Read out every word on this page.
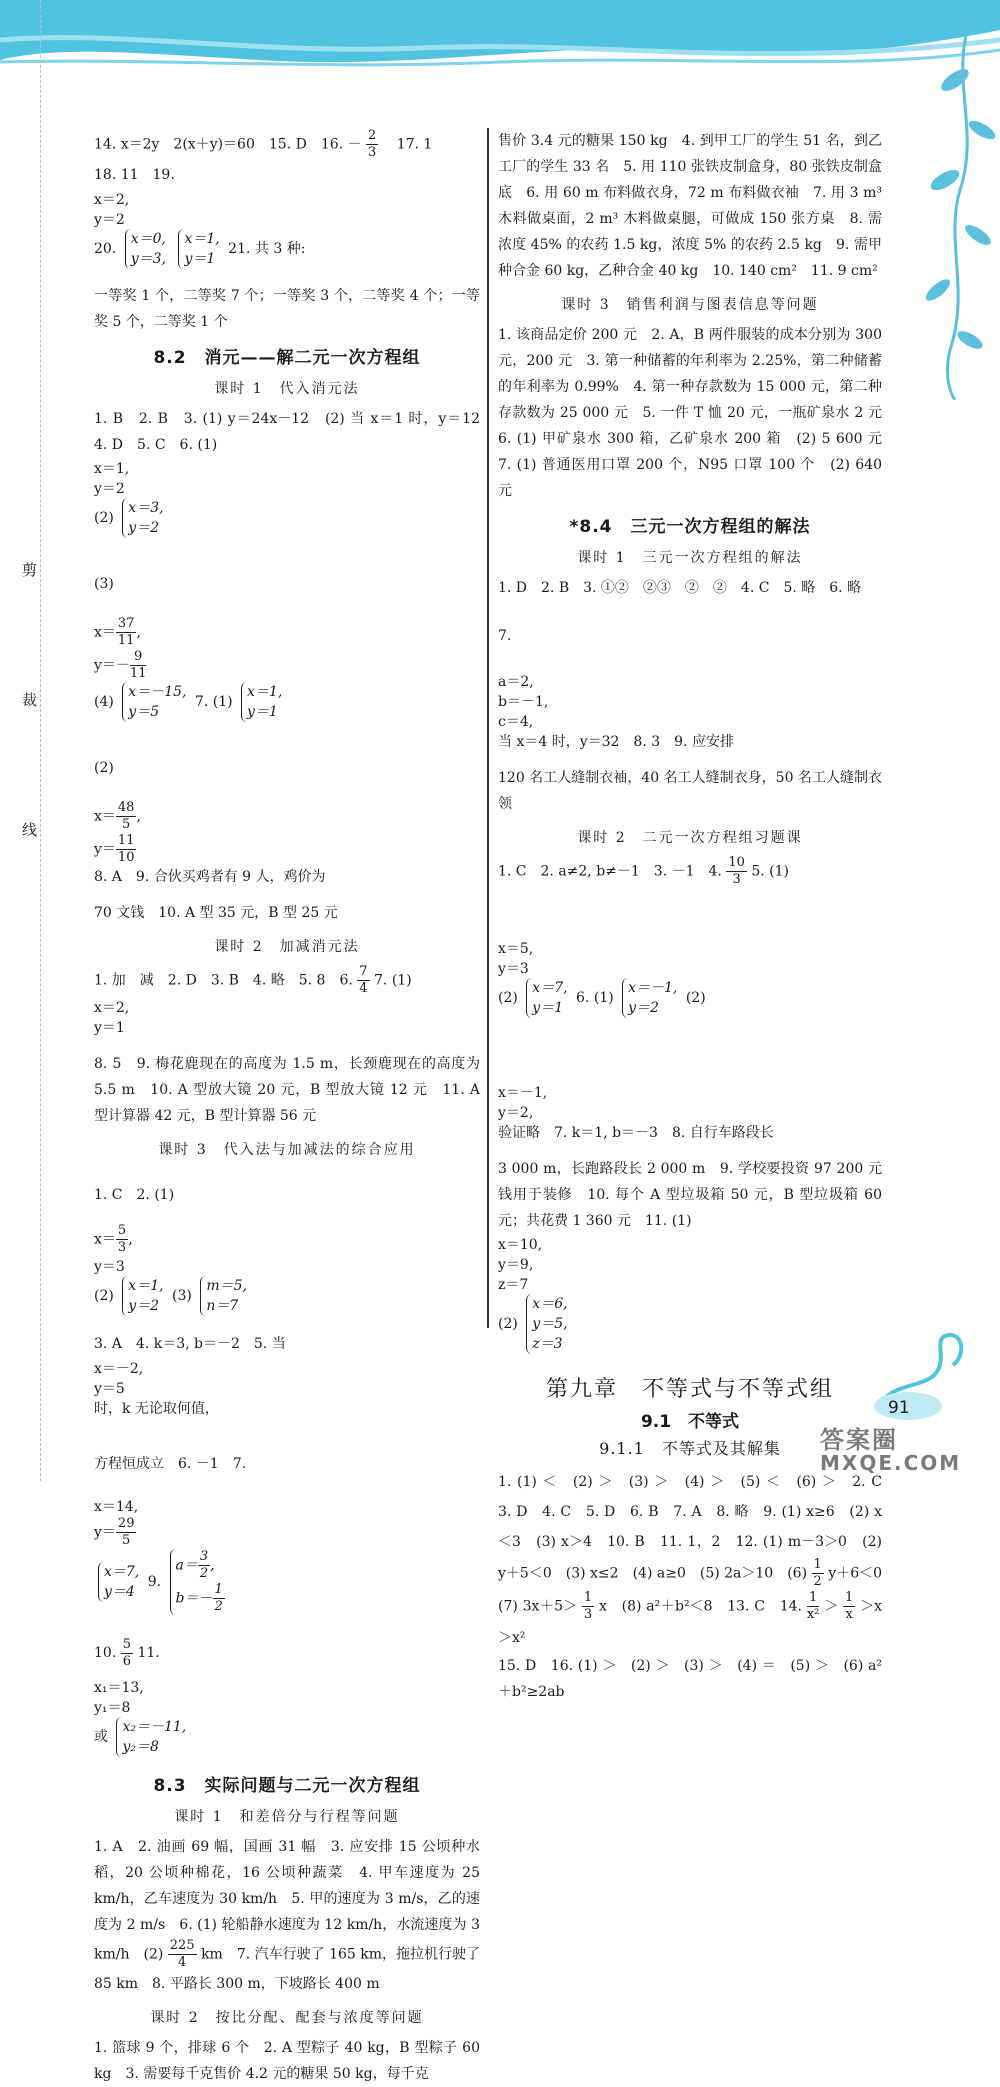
剪
裁
线

14. x＝2y　2(x＋y)＝60　15. D　16. － $\frac{2}{3}$ 　17. 1

18. 11　19.

x＝2,
y＝2
20.
x＝0,
y＝3,

x＝1,
y＝1
21. 共 3 种:

一等奖 1 个，二等奖 7 个；一等奖 3 个，二等奖 4 个；一等奖 5 个，二等奖 1 个

8.2　消元——解二元一次方程组
课时 1　代入消元法

1. B　2. B　3. (1) y＝24x－12　(2) 当 x＝1 时，y＝12　4. D　5. C　6. (1)

x＝1,
y＝2
(2)
x＝3,
y＝2

(3)

$x= \frac{37}{11}$ ,
$y=- \frac{9}{11}$
(4)
x＝－15,
y＝5
7. (1)
x＝1,
y＝1

(2)

$x= \frac{48}{5}$ ,
$y= \frac{11}{10}$
8. A　9. 合伙买鸡者有 9 人，鸡价为

70 文钱　10. A 型 35 元，B 型 25 元

课时 2　加减消元法

1. 加　减　2. D　3. B　4. 略　5. 8　6. $\frac{7}{4} 7$. (1)

x＝2,
y＝1

8. 5　9. 梅花鹿现在的高度为 1.5 m，长颈鹿现在的高度为 5.5 m　10. A 型放大镜 20 元，B 型放大镜 12 元　11. A 型计算器 42 元，B 型计算器 56 元

课时 3　代入法与加减法的综合应用

1. C　2. (1)

$x= \frac{5}{3}$ ,
y＝3
(2)
x＝1,
y＝2
(3)
m＝5,
n＝7

3. A　4. k＝3, b＝－2　5. 当

x＝－2,
y＝5
时，k 无论取何值，

方程恒成立　6. －1　7.

x＝14,
$y= \frac{29}{5}$
x＝7,
y＝4
9.
$a= \frac{3}{2}$ ,
$b=- \frac{1}{2}$

10. $\frac{5}{6} 11$.

x₁＝13,
y₁＝8
或
x₂＝－11,
y₂＝8

8.3　实际问题与二元一次方程组
课时 1　和差倍分与行程等问题

1. A　2. 油画 69 幅，国画 31 幅　3. 应安排 15 公顷种水稻，20 公顷种棉花，16 公顷种蔬菜　4. 甲车速度为 25 km/h，乙车速度为 30 km/h　5. 甲的速度为 3 m/s，乙的速度为 2 m/s　6. (1) 轮船静水速度为 12 km/h，水流速度为 3 km/h　$(2) \frac{225}{4}$ km　7. 汽车行驶了 165 km，拖拉机行驶了 85 km　8. 平路长 300 m，下坡路长 400 m

课时 2　按比分配、配套与浓度等问题

1. 篮球 9 个，排球 6 个　2. A 型粽子 40 kg，B 型粽子 60 kg　3. 需要每千克售价 4.2 元的糖果 50 kg，每千克

售价 3.4 元的糖果 150 kg　4. 到甲工厂的学生 51 名，到乙工厂的学生 33 名　5. 用 110 张铁皮制盒身，80 张铁皮制盒底　6. 用 60 m 布料做衣身，72 m 布料做衣袖　7. 用 3 m³ 木料做桌面，2 m³ 木料做桌腿，可做成 150 张方桌　8. 需浓度 45% 的农药 1.5 kg，浓度 5% 的农药 2.5 kg　9. 需甲种合金 60 kg，乙种合金 40 kg　10. 140 cm²　11. 9 cm²

课时 3　销售利润与图表信息等问题

1. 该商品定价 200 元　2. A，B 两件服装的成本分别为 300 元，200 元　3. 第一种储蓄的年利率为 2.25%，第二种储蓄的年利率为 0.99%　4. 第一种存款数为 15 000 元，第二种存款数为 25 000 元　5. 一件 T 恤 20 元，一瓶矿泉水 2 元　6. (1) 甲矿泉水 300 箱，乙矿泉水 200 箱　(2) 5 600 元　7. (1) 普通医用口罩 200 个，N95 口罩 100 个　(2) 640 元

*8.4　三元一次方程组的解法
课时 1　三元一次方程组的解法

1. D　2. B　3. ①②　②③　②　②　4. C　5. 略　6. 略

7.

a＝2,
b＝－1,
c＝4,
当 x＝4 时，y＝32　8. 3　9. 应安排

120 名工人缝制衣袖，40 名工人缝制衣身，50 名工人缝制衣领

课时 2　二元一次方程组习题课

1. C　2. a≠2, b≠－1　3. －1　4. $\frac{10}{3} 5$. (1)

x＝5,
y＝3
(2)
x＝7,
y＝1
6. (1)
x＝－1,
y＝2
(2)

x＝－1,
y＝2,
验证略　7. k＝1, b＝－3　8. 自行车路段长

3 000 m，长跑路段长 2 000 m　9. 学校要投资 97 200 元钱用于装修　10. 每个 A 型垃圾箱 50 元，B 型垃圾箱 60 元；共花费 1 360 元　11. (1)

x＝10,
y＝9,
z＝7
(2)
x＝6,
y＝5,
z＝3

第九章　不等式与不等式组
9.1　不等式
9.1.1　不等式及其解集

1. (1) ＜　(2) ＞　(3) ＞　(4) ＞　(5) ＜　(6) ＞　2. C　3. D　4. C　5. D　6. B　7. A　8. 略　9. (1) x≥6　(2) x＜3　(3) x＞4　10. B　11. 1，2　12. (1) m－3＞0　(2) y＋5＜0　(3) x≤2　(4) a≥0　(5) 2a＞10　$(6) \frac{1}{2} y+6<0$　(7) $3x+5> \frac{1}{3}$ x　(8) a²＋b²＜8　13. C　14. $\frac{1}{\text{x²}} > \frac{1}{x} >x>x^2$

15. D　16. (1) ＞　(2) ＞　(3) ＞　(4) ＝　(5) ＞　(6) a²＋b²≥2ab

91
答案圈
MXQE.COM
